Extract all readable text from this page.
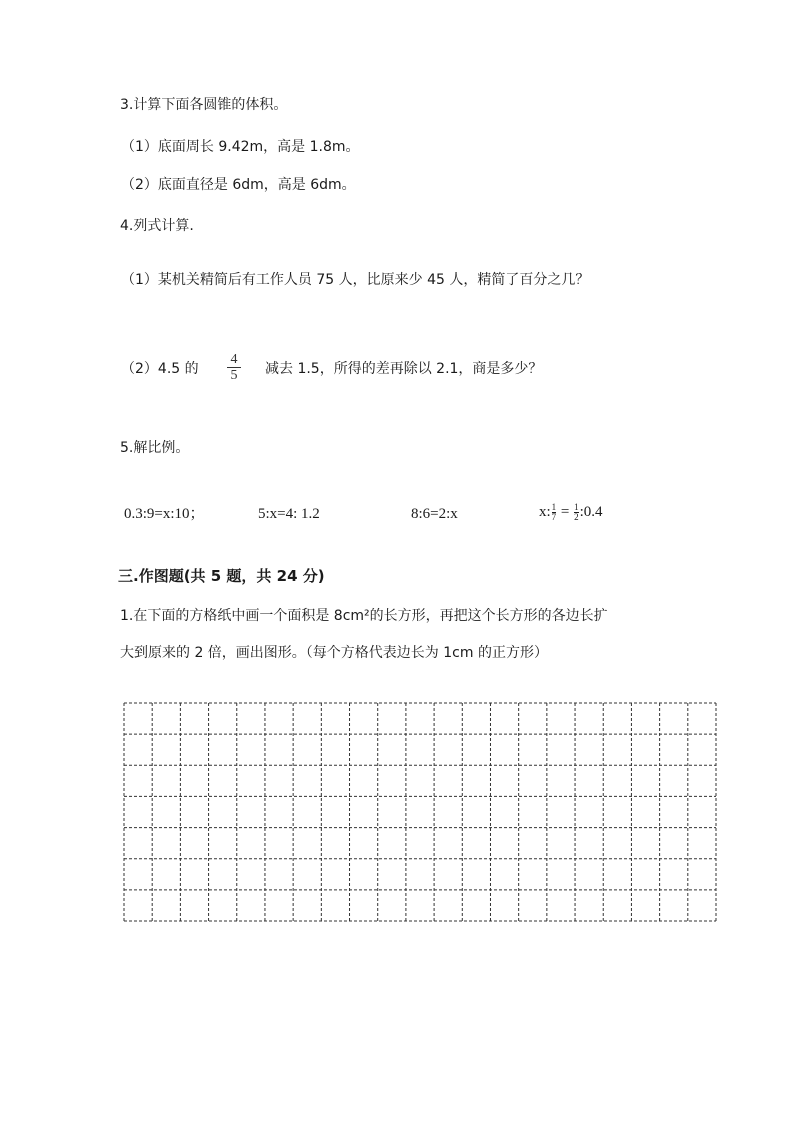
3.计算下面各圆锥的体积。
（1）底面周长 9.42m，高是 1.8m。
（2）底面直径是 6dm，高是 6dm。
4.列式计算.
（1）某机关精简后有工作人员 75 人，比原来少 45 人，精简了百分之几？
（2）4.5 的
4
5 减去 1.5，所得的差再除以 2.1，商是多少？
5.解比例。
0.3:9=x:10；	5:x=4: 1.2	8:6=2:x	x: $\frac{1}{7} = \frac{1}{2}$ :0.4
三.作图题(共 5 题，共 24 分)
1.在下面的方格纸中画一个面积是 8cm²的长方形，再把这个长方形的各边长扩
大到原来的 2 倍，画出图形。（每个方格代表边长为 1cm 的正方形）
